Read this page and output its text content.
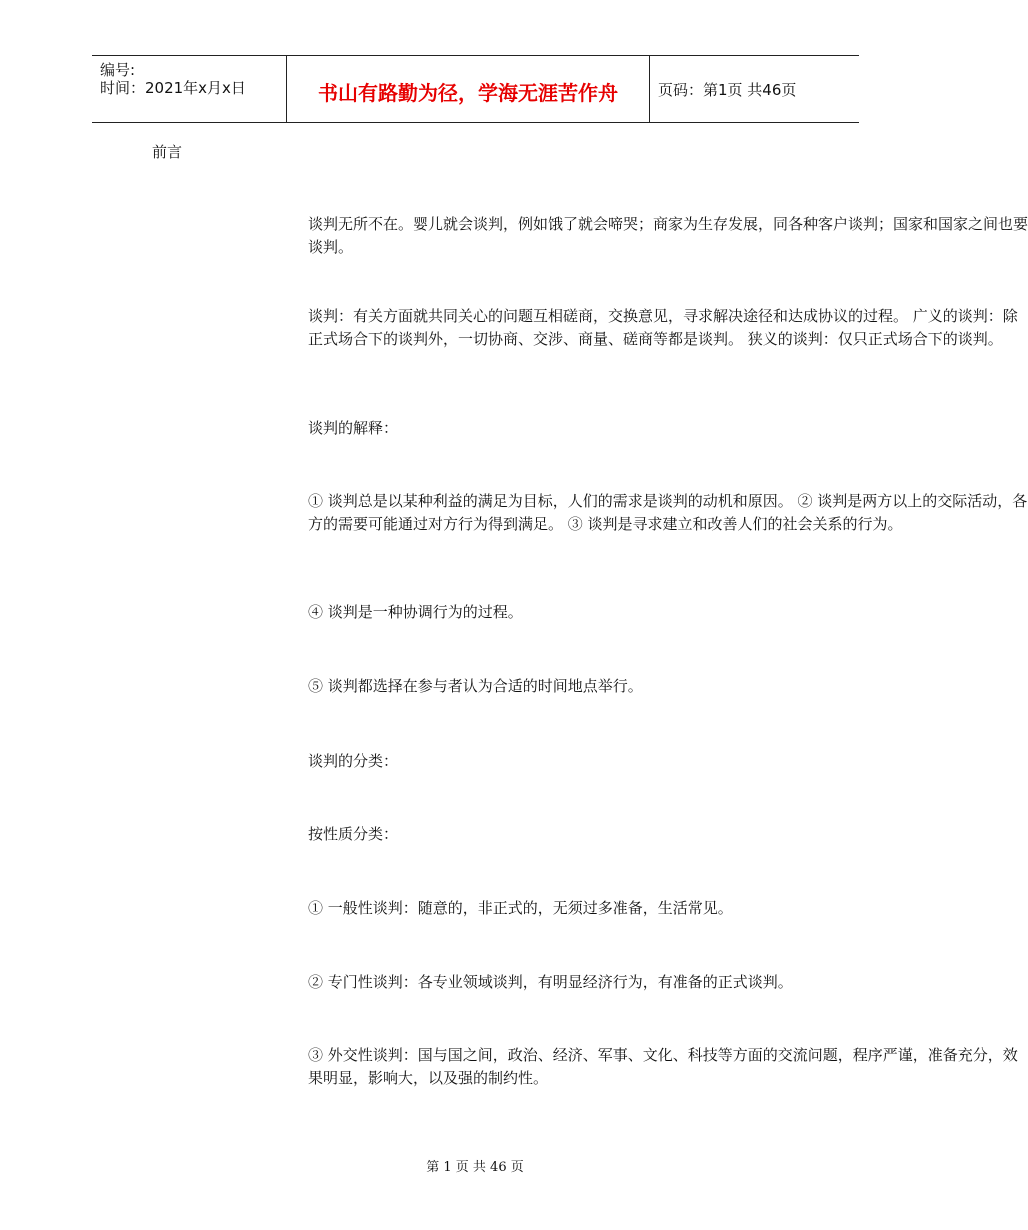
编号:
时间：2021年x月x日	书山有路勤为径，学海无涯苦作舟	页码：第1页 共46页
前言
谈判无所不在。婴儿就会谈判，例如饿了就会啼哭；商家为生存发展，同各种客户谈判；国家和国家之间也要谈判。
谈判：有关方面就共同关心的问题互相磋商，交换意见，寻求解决途径和达成协议的过程。 广义的谈判：除正式场合下的谈判外，一切协商、交涉、商量、磋商等都是谈判。 狭义的谈判：仅只正式场合下的谈判。
谈判的解释：
① 谈判总是以某种利益的满足为目标，人们的需求是谈判的动机和原因。 ② 谈判是两方以上的交际活动，各方的需要可能通过对方行为得到满足。 ③ 谈判是寻求建立和改善人们的社会关系的行为。
④ 谈判是一种协调行为的过程。
⑤ 谈判都选择在参与者认为合适的时间地点举行。
谈判的分类：
按性质分类：
① 一般性谈判：随意的，非正式的，无须过多准备，生活常见。
② 专门性谈判：各专业领域谈判，有明显经济行为，有准备的正式谈判。
③ 外交性谈判：国与国之间，政治、经济、军事、文化、科技等方面的交流问题，程序严谨，准备充分，效果明显，影响大，以及强的制约性。
第 1 页 共 46 页
